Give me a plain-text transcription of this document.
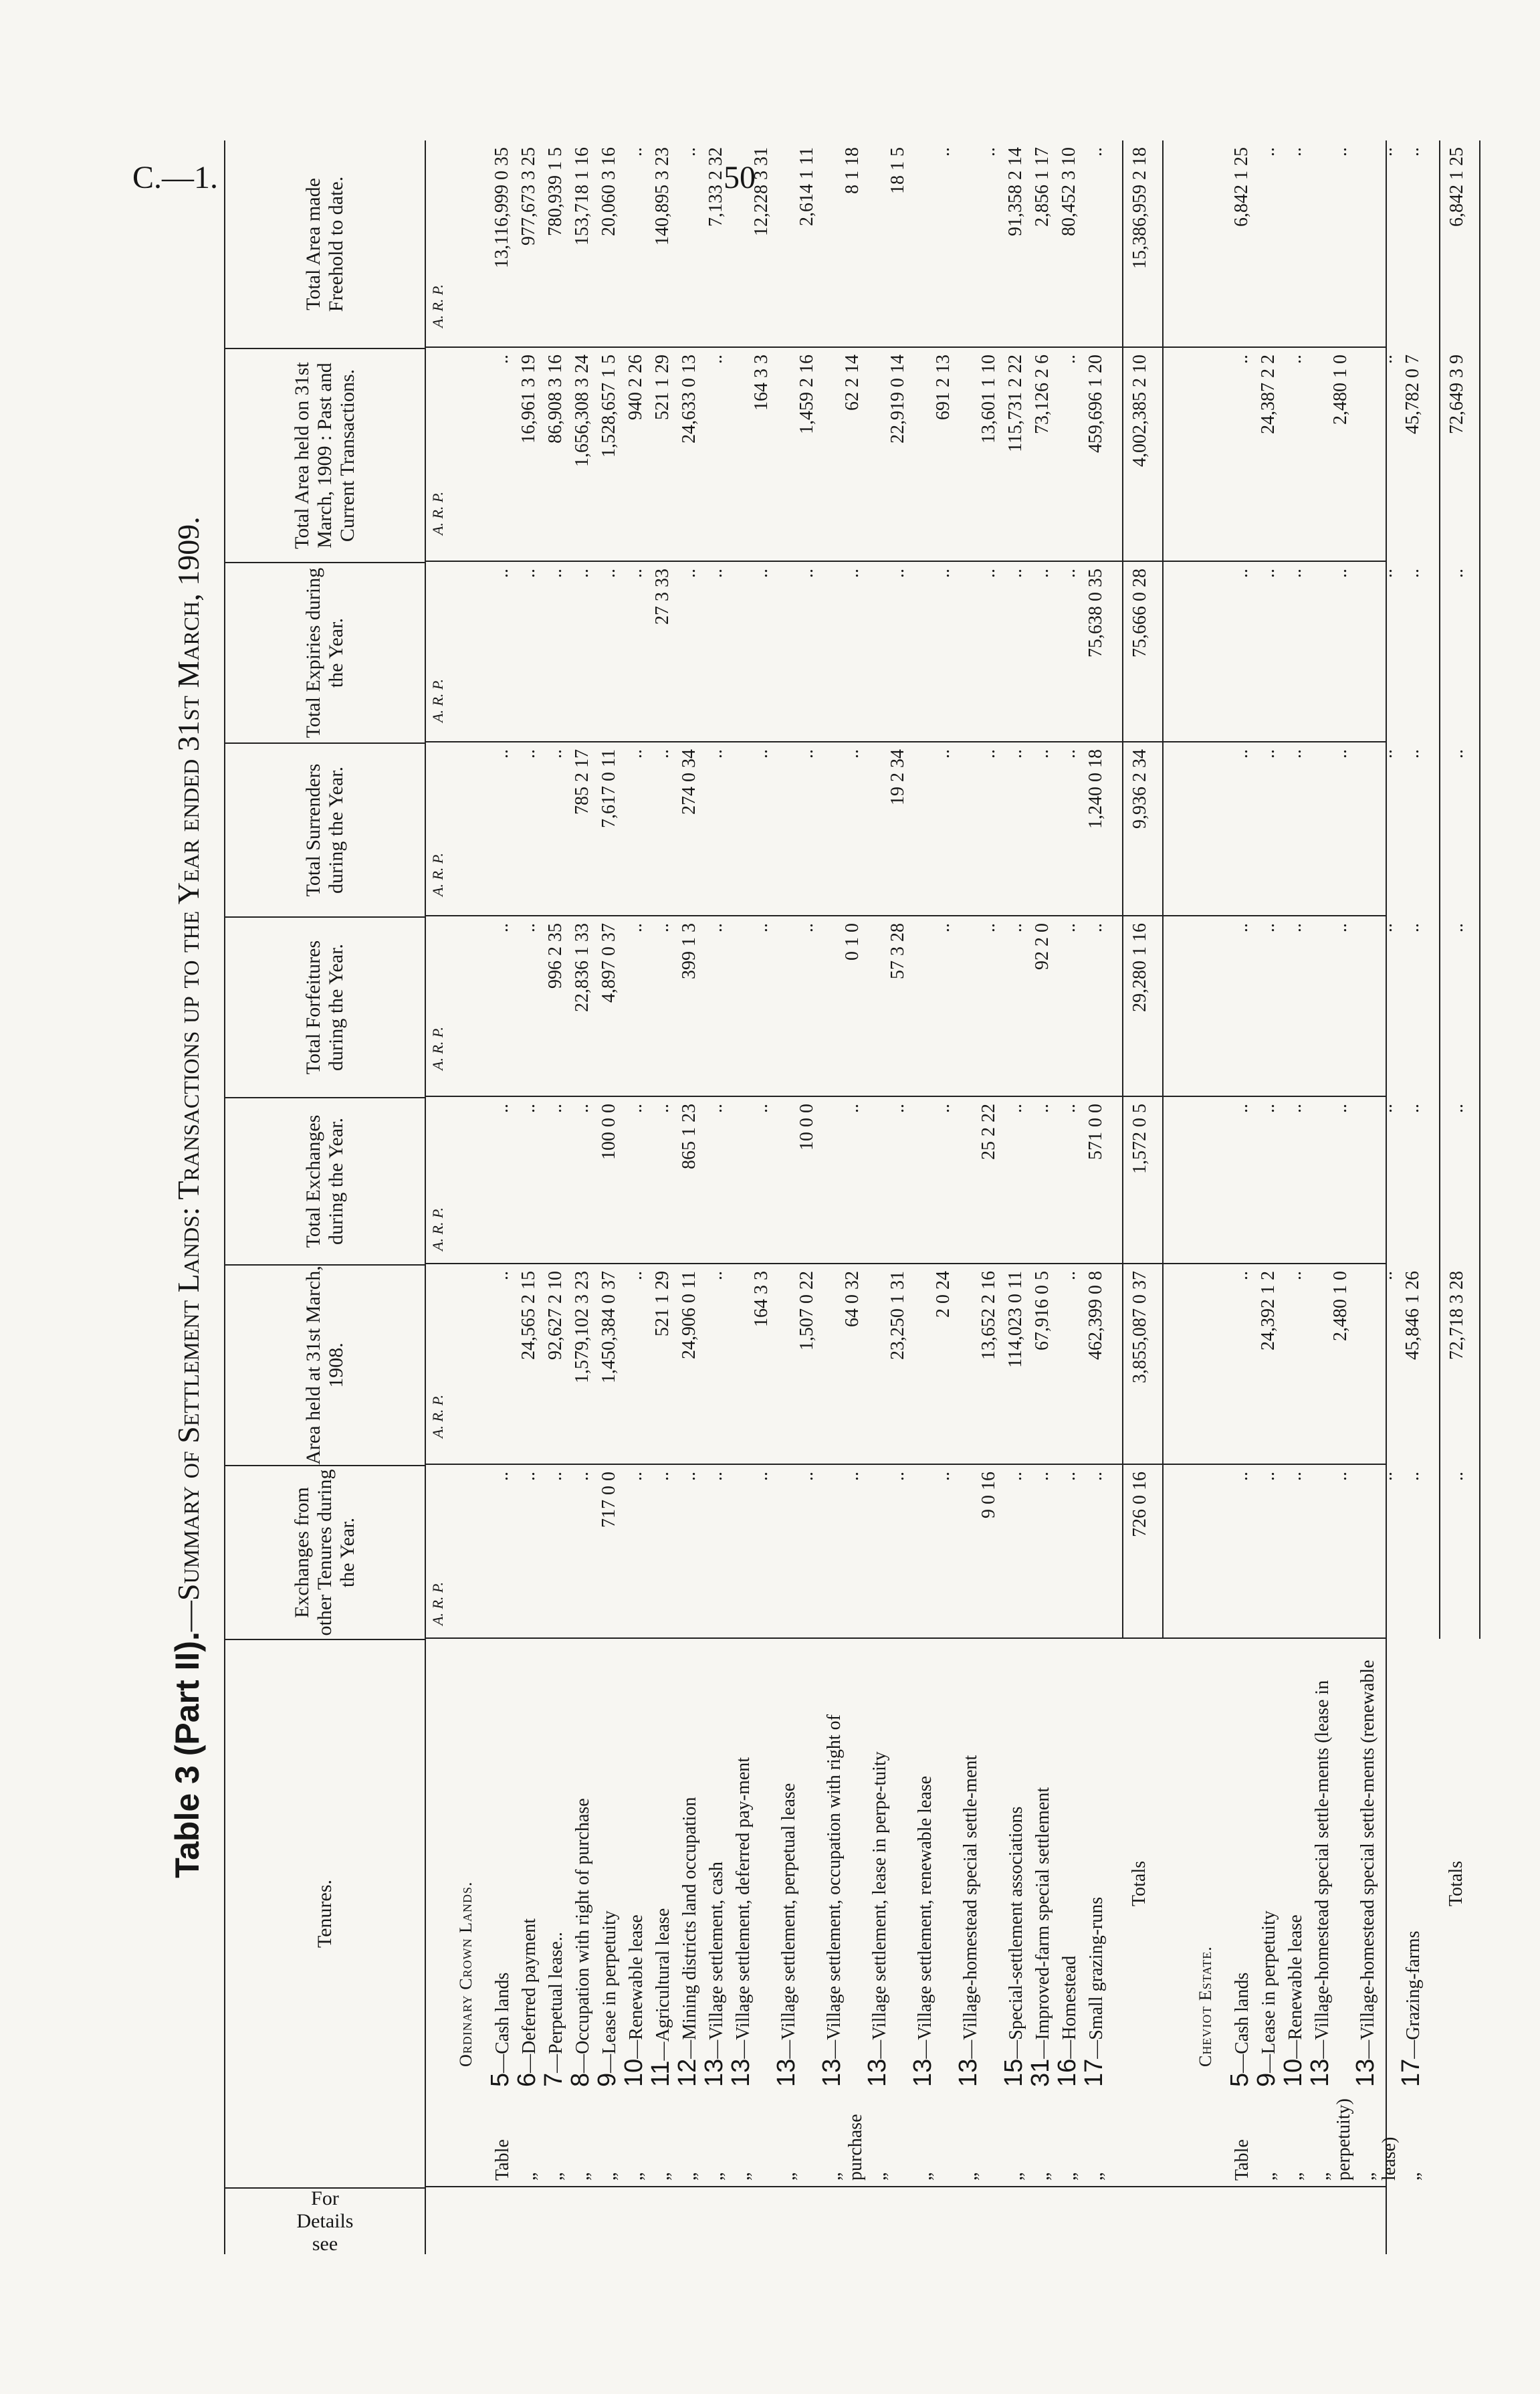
C.—1.	50
Table 3 (Part II).—Summary of Settlement Lands: Transactions up to the Year ended 31st March, 1909.
For Details see
Tenures.
Exchanges from other Tenures during the Year.
Area held at 31st March, 1908.
Total Exchanges during the Year.
Total Forfeitures during the Year.
Total Surrenders during the Year.
Total Expiries during the Year.
Total Area held on 31st March, 1909 : Past and Current Transactions.
Total Area made Freehold to date.
A. R. P.
A. R. P.
A. R. P.
A. R. P.
A. R. P.
A. R. P.
A. R. P.
A. R. P.
Ordinary Crown Lands.
Table5—Cash lands
..
..
..
..
..
..
..
13,116,999 0 35
„6—Deferred payment
..
24,565 2 15
..
..
..
..
16,961 3 19
977,673 3 25
„7—Perpetual lease..
..
92,627 2 10
..
996 2 35
..
..
86,908 3 16
780,939 1 5
„8—Occupation with right of purchase
..
1,579,102 3 23
..
22,836 1 33
785 2 17
..
1,656,308 3 24
153,718 1 16
„9—Lease in perpetuity
717 0 0
1,450,384 0 37
100 0 0
4,897 0 37
7,617 0 11
..
1,528,657 1 5
20,060 3 16
„10—Renewable lease
..
..
..
..
..
..
940 2 26
..
„11—Agricultural lease
..
521 1 29
..
..
..
27 3 33
521 1 29
140,895 3 23
„12—Mining districts land occupation
..
24,906 0 11
865 1 23
399 1 3
274 0 34
..
24,633 0 13
..
„13—Village settlement, cash
..
..
..
..
..
..
..
7,133 2 32
„13—Village settlement, deferred pay-ment
..
164 3 3
..
..
..
..
164 3 3
12,228 3 31
„13—Village settlement, perpetual lease
..
1,507 0 22
10 0 0
..
..
..
1,459 2 16
2,614 1 11
„13—Village settlement, occupation with right of purchase
..
64 0 32
..
0 1 0
..
..
62 2 14
8 1 18
„13—Village settlement, lease in perpe-tuity
..
23,250 1 31
..
57 3 28
19 2 34
..
22,919 0 14
18 1 5
„13—Village settlement, renewable lease
..
2 0 24
..
..
..
..
691 2 13
..
„13—Village-homestead special settle-ment
9 0 16
13,652 2 16
25 2 22
..
..
..
13,601 1 10
..
„15—Special-settlement associations
..
114,023 0 11
..
..
..
..
115,731 2 22
91,358 2 14
„31—Improved-farm special settlement
..
67,916 0 5
..
92 2 0
..
..
73,126 2 6
2,856 1 17
„16—Homestead
..
..
..
..
..
..
..
80,452 3 10
„17—Small grazing-runs
..
462,399 0 8
571 0 0
..
1,240 0 18
75,638 0 35
459,696 1 20
..
Totals
726 0 16
3,855,087 0 37
1,572 0 5
29,280 1 16
9,936 2 34
75,666 0 28
4,002,385 2 10
15,386,959 2 18
Cheviot Estate.
Table5—Cash lands
..
..
..
..
..
..
..
6,842 1 25
„9—Lease in perpetuity
..
24,392 1 2
..
..
..
..
24,387 2 2
..
„10—Renewable lease
..
..
..
..
..
..
..
..
„13—Village-homestead special settle-ments (lease in perpetuity)
..
2,480 1 0
..
..
..
..
2,480 1 0
..
„13—Village-homestead special settle-ments (renewable lease)
..
..
..
..
..
..
..
..
„17—Grazing-farms
..
45,846 1 26
..
..
..
..
45,782 0 7
..
Totals
..
72,718 3 28
..
..
..
..
72,649 3 9
6,842 1 25
